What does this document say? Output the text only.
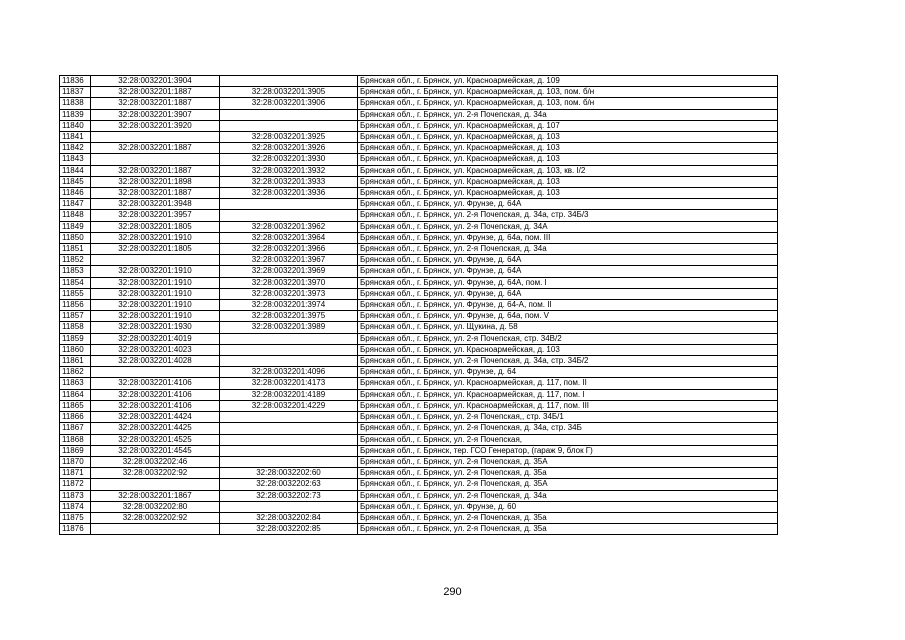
11836	32:28:0032201:3904		Брянская обл., г. Брянск, ул. Красноармейская, д. 109
11837	32:28:0032201:1887	32:28:0032201:3905	Брянская обл., г. Брянск, ул. Красноармейская, д. 103, пом. б/н
11838	32:28:0032201:1887	32:28:0032201:3906	Брянская обл., г. Брянск, ул. Красноармейская, д. 103, пом. б/н
11839	32:28:0032201:3907		Брянская обл., г. Брянск, ул. 2-я Почепская, д. 34а
11840	32:28:0032201:3920		Брянская обл., г. Брянск, ул. Красноармейская, д. 107
11841		32:28:0032201:3925	Брянская обл., г. Брянск, ул. Красноармейская, д. 103
11842	32:28:0032201:1887	32:28:0032201:3926	Брянская обл., г. Брянск, ул. Красноармейская, д. 103
11843		32:28:0032201:3930	Брянская обл., г. Брянск, ул. Красноармейская, д. 103
11844	32:28:0032201:1887	32:28:0032201:3932	Брянская обл., г. Брянск, ул. Красноармейская, д. 103, кв. I/2
11845	32:28:0032201:1898	32:28:0032201:3933	Брянская обл., г. Брянск, ул. Красноармейская, д. 103
11846	32:28:0032201:1887	32:28:0032201:3936	Брянская обл., г. Брянск, ул. Красноармейская, д. 103
11847	32:28:0032201:3948		Брянская обл., г. Брянск, ул. Фрунзе, д. 64А
11848	32:28:0032201:3957		Брянская обл., г. Брянск, ул. 2-я Почепская, д. 34а, стр. 34Б/3
11849	32:28:0032201:1805	32:28:0032201:3962	Брянская обл., г. Брянск, ул. 2-я Почепская, д. 34А
11850	32:28:0032201:1910	32:28:0032201:3964	Брянская обл., г. Брянск, ул. Фрунзе, д. 64а, пом. III
11851	32:28:0032201:1805	32:28:0032201:3966	Брянская обл., г. Брянск, ул. 2-я Почепская, д. 34а
11852		32:28:0032201:3967	Брянская обл., г. Брянск, ул. Фрунзе, д. 64А
11853	32:28:0032201:1910	32:28:0032201:3969	Брянская обл., г. Брянск, ул. Фрунзе, д. 64А
11854	32:28:0032201:1910	32:28:0032201:3970	Брянская обл., г. Брянск, ул. Фрунзе, д. 64А, пом. I
11855	32:28:0032201:1910	32:28:0032201:3973	Брянская обл., г. Брянск, ул. Фрунзе, д. 64А
11856	32:28:0032201:1910	32:28:0032201:3974	Брянская обл., г. Брянск, ул. Фрунзе, д. 64-А, пом. II
11857	32:28:0032201:1910	32:28:0032201:3975	Брянская обл., г. Брянск, ул. Фрунзе, д. 64а, пом. V
11858	32:28:0032201:1930	32:28:0032201:3989	Брянская обл., г. Брянск, ул. Щукина, д. 58
11859	32:28:0032201:4019		Брянская обл., г. Брянск, ул. 2-я Почепская, стр. 34В/2
11860	32:28:0032201:4023		Брянская обл., г. Брянск, ул. Красноармейская, д. 103
11861	32:28:0032201:4028		Брянская обл., г. Брянск, ул. 2-я Почепская, д. 34а, стр. 34Б/2
11862		32:28:0032201:4096	Брянская обл., г. Брянск, ул. Фрунзе, д. 64
11863	32:28:0032201:4106	32:28:0032201:4173	Брянская обл., г. Брянск, ул. Красноармейская, д. 117, пом. II
11864	32:28:0032201:4106	32:28:0032201:4189	Брянская обл., г. Брянск, ул. Красноармейская, д. 117, пом. I
11865	32:28:0032201:4106	32:28:0032201:4229	Брянская обл., г. Брянск, ул. Красноармейская, д. 117, пом. III
11866	32:28:0032201:4424		Брянская обл., г. Брянск, ул. 2-я Почепская,, стр. 34Б/1
11867	32:28:0032201:4425		Брянская обл., г. Брянск, ул. 2-я Почепская, д. 34а, стр. 34Б
11868	32:28:0032201:4525		Брянская обл., г. Брянск, ул. 2-я Почепская,
11869	32:28:0032201:4545		Брянская обл., г. Брянск, тер. ГСО Генератор, (гараж 9, блок Г)
11870	32:28:0032202:46		Брянская обл., г. Брянск, ул. 2-я Почепская, д. 35А
11871	32:28:0032202:92	32:28:0032202:60	Брянская обл., г. Брянск, ул. 2-я Почепская, д. 35а
11872		32:28:0032202:63	Брянская обл., г. Брянск, ул. 2-я Почепская, д. 35А
11873	32:28:0032201:1867	32:28:0032202:73	Брянская обл., г. Брянск, ул. 2-я Почепская, д. 34а
11874	32:28:0032202:80		Брянская обл., г. Брянск, ул. Фрунзе, д. 60
11875	32:28:0032202:92	32:28:0032202:84	Брянская обл., г. Брянск, ул. 2-я Почепская, д. 35а
11876		32:28:0032202:85	Брянская обл., г. Брянск, ул. 2-я Почепская, д. 35а
290
